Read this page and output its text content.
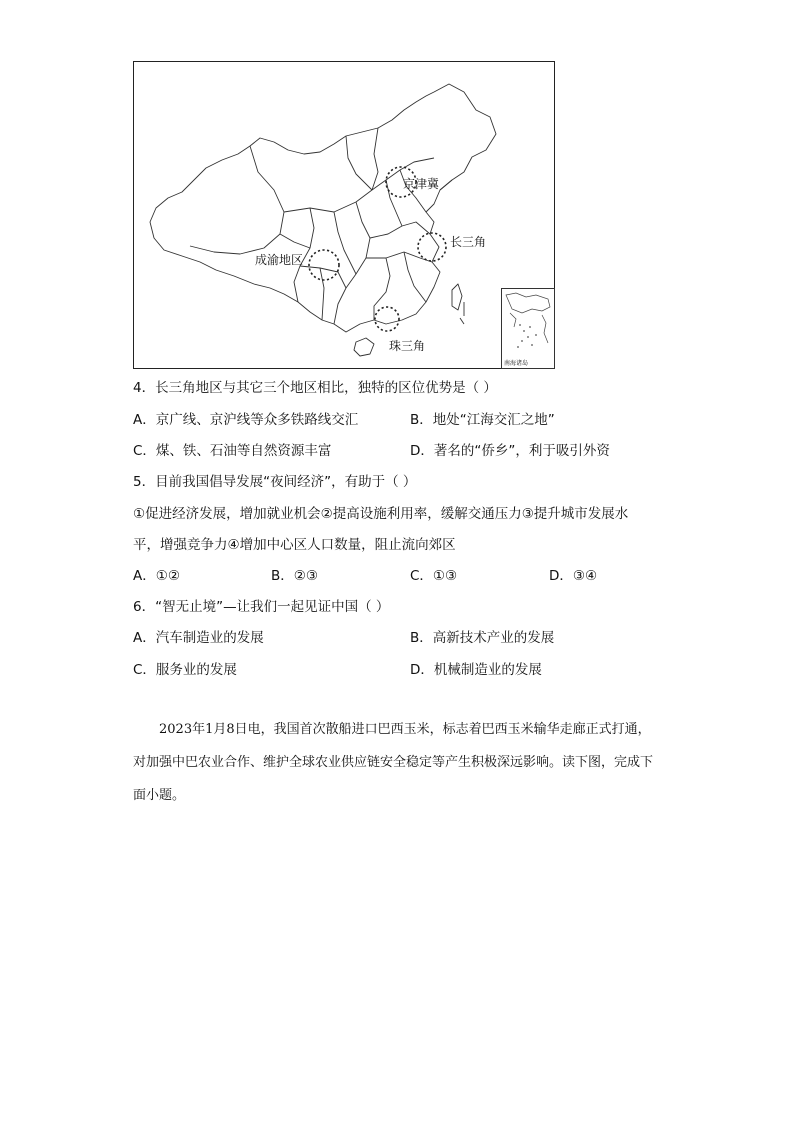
京津冀
长三角
成渝地区
珠三角
南海诸岛
4．长三角地区与其它三个地区相比，独特的区位优势是（ ）
A．京广线、京沪线等众多铁路线交汇	B．地处“江海交汇之地”
C．煤、铁、石油等自然资源丰富	D．著名的“侨乡”，利于吸引外资
5．目前我国倡导发展“夜间经济”，有助于（ ）
①促进经济发展，增加就业机会②提高设施利用率，缓解交通压力③提升城市发展水
平，增强竞争力④增加中心区人口数量，阻止流向郊区
A．①②	B．②③	C．①③	D．③④
6．“智无止境”—让我们一起见证中国（ ）
A．汽车制造业的发展	B．高新技术产业的发展
C．服务业的发展	D．机械制造业的发展
2023年1月8日电，我国首次散船进口巴西玉米，标志着巴西玉米输华走廊正式打通，对加强中巴农业合作、维护全球农业供应链安全稳定等产生积极深远影响。读下图，完成下面小题。
